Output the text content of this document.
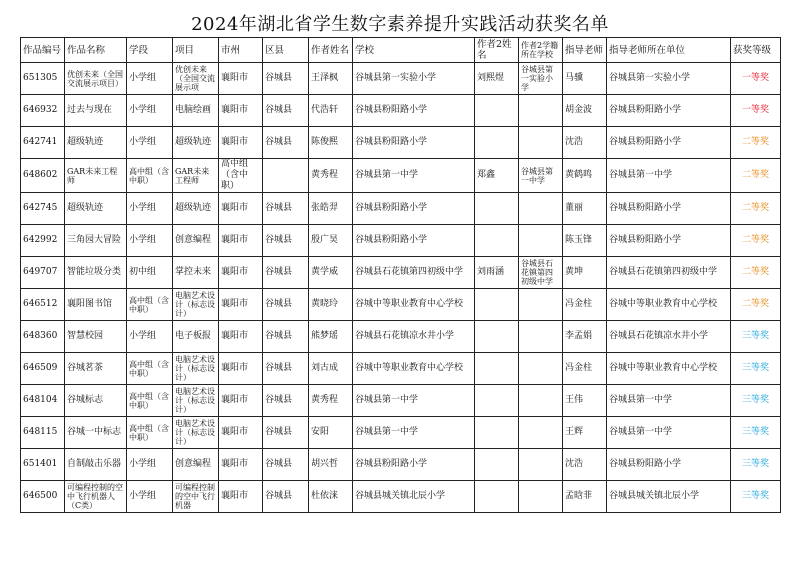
2024年湖北省学生数字素养提升实践活动获奖名单
作品编号	作品名称	学段	项目	市州	区县	作者姓名	学校	作者2姓名	作者2学籍所在学校	指导老师	指导老师所在单位	获奖等级
651305	优创未来（全国交流展示项目）	小学组	优创未来（全国交流展示项	襄阳市	谷城县	王泽枫	谷城县第一实验小学	刘熙煜	谷城县第一实验小学	马骥	谷城县第一实验小学	一等奖
646932	过去与现在	小学组	电脑绘画	襄阳市	谷城县	代浩轩	谷城县粉阳路小学			胡金波	谷城县粉阳路小学	一等奖
642741	超级轨迹	小学组	超级轨迹	襄阳市	谷城县	陈俊熙	谷城县粉阳路小学			沈浩	谷城县粉阳路小学	二等奖
648602	GAR未来工程师	高中组（含中职）	GAR未来工程师	高中组（含中职）		黄秀程	谷城县第一中学	郑鑫	谷城县第一中学	黄鹤鸣	谷城县第一中学	二等奖
642745	超级轨迹	小学组	超级轨迹	襄阳市	谷城县	张皓羿	谷城县粉阳路小学			董丽	谷城县粉阳路小学	二等奖
642992	三角园大冒险	小学组	创意编程	襄阳市	谷城县	殷广昊	谷城县粉阳路小学			陈玉锋	谷城县粉阳路小学	二等奖
649707	智能垃圾分类	初中组	掌控未来	襄阳市	谷城县	黄学威	谷城县石花镇第四初级中学	刘雨涵	谷城县石花镇第四初级中学	黄坤	谷城县石花镇第四初级中学	二等奖
646512	襄阳图书馆	高中组（含中职）	电脑艺术设计（标志设计）	襄阳市	谷城县	黄晓玲	谷城中等职业教育中心学校			冯金柱	谷城中等职业教育中心学校	二等奖
648360	智慧校园	小学组	电子板报	襄阳市	谷城县	熊梦瑶	谷城县石花镇凉水井小学			李孟娟	谷城县石花镇凉水井小学	三等奖
646509	谷城茗茶	高中组（含中职）	电脑艺术设计（标志设计）	襄阳市	谷城县	刘古成	谷城中等职业教育中心学校			冯金柱	谷城中等职业教育中心学校	三等奖
648104	谷城标志	高中组（含中职）	电脑艺术设计（标志设计）	襄阳市	谷城县	黄秀程	谷城县第一中学			王伟	谷城县第一中学	三等奖
648115	谷城一中标志	高中组（含中职）	电脑艺术设计（标志设计）	襄阳市	谷城县	安阳	谷城县第一中学			王辉	谷城县第一中学	三等奖
651401	自制敲击乐器	小学组	创意编程	襄阳市	谷城县	胡兴哲	谷城县粉阳路小学			沈浩	谷城县粉阳路小学	三等奖
646500	可编程控制的空中飞行机器人（C类）	小学组	可编程控制的空中飞行机器	襄阳市	谷城县	杜依涞	谷城县城关镇北辰小学			孟晗菲	谷城县城关镇北辰小学	三等奖
